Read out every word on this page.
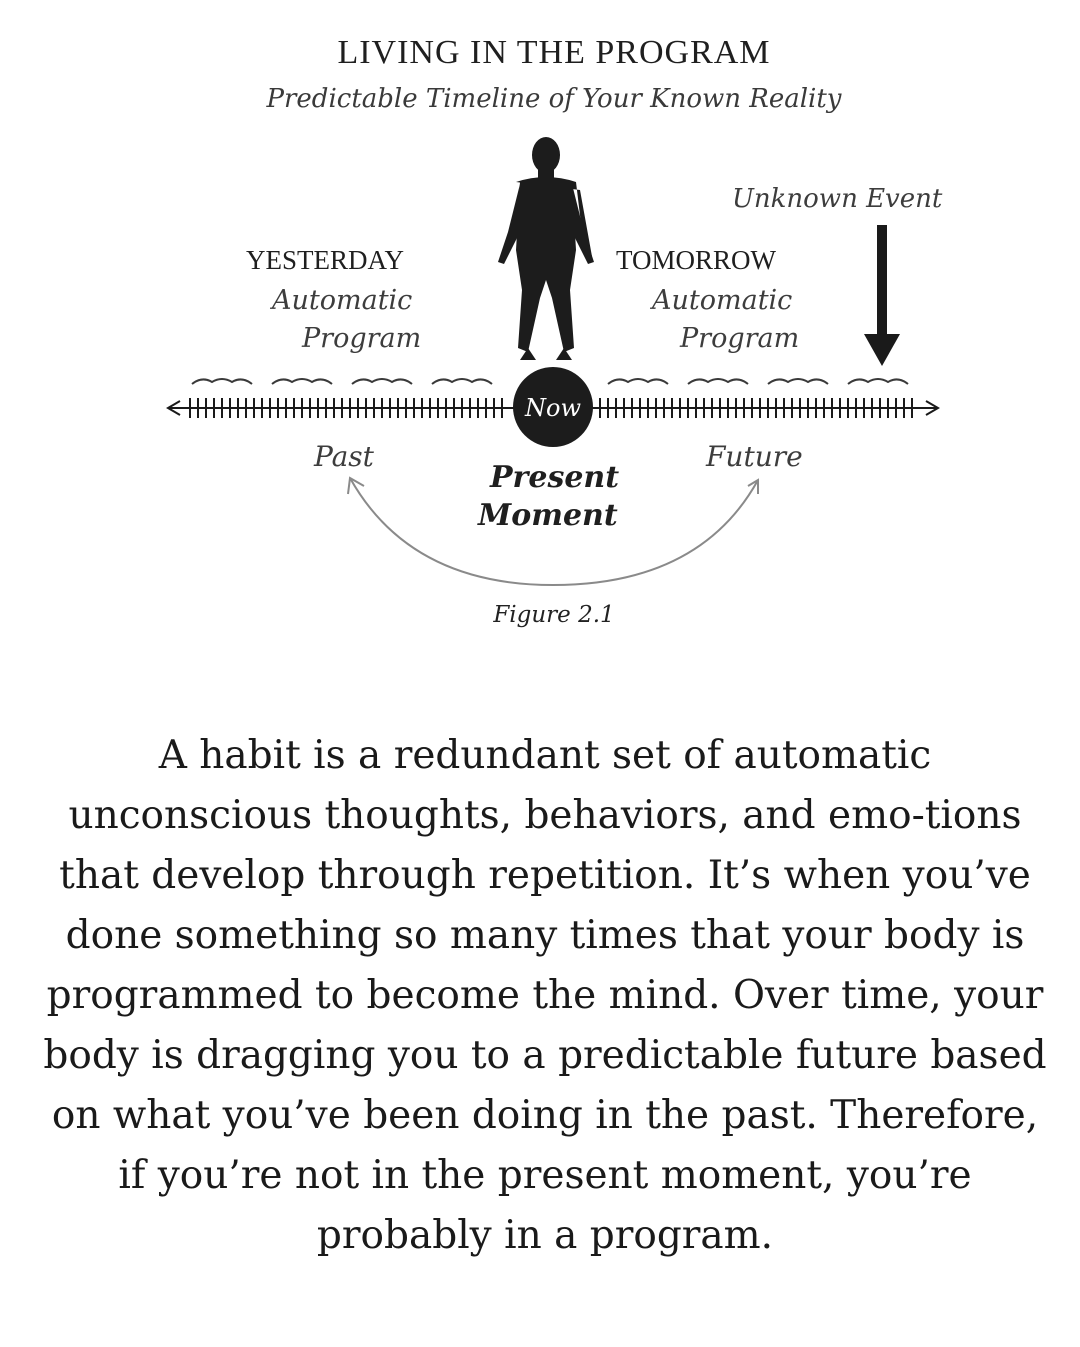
LIVING IN THE PROGRAM
Predictable Timeline of Your Known Reality
Now
Unknown Event
YESTERDAY
Automatic
Program
TOMORROW
Automatic
Program
Past	Future
Present
Moment
Figure 2.1

A habit is a redundant set of automatic unconscious thoughts, behaviors, and emo-tions that develop through repetition. It’s when you’ve done something so many times that your body is programmed to become the mind. Over time, your body is dragging you to a predictable future based on what you’ve been doing in the past. Therefore, if you’re not in the present moment, you’re probably in a program.
